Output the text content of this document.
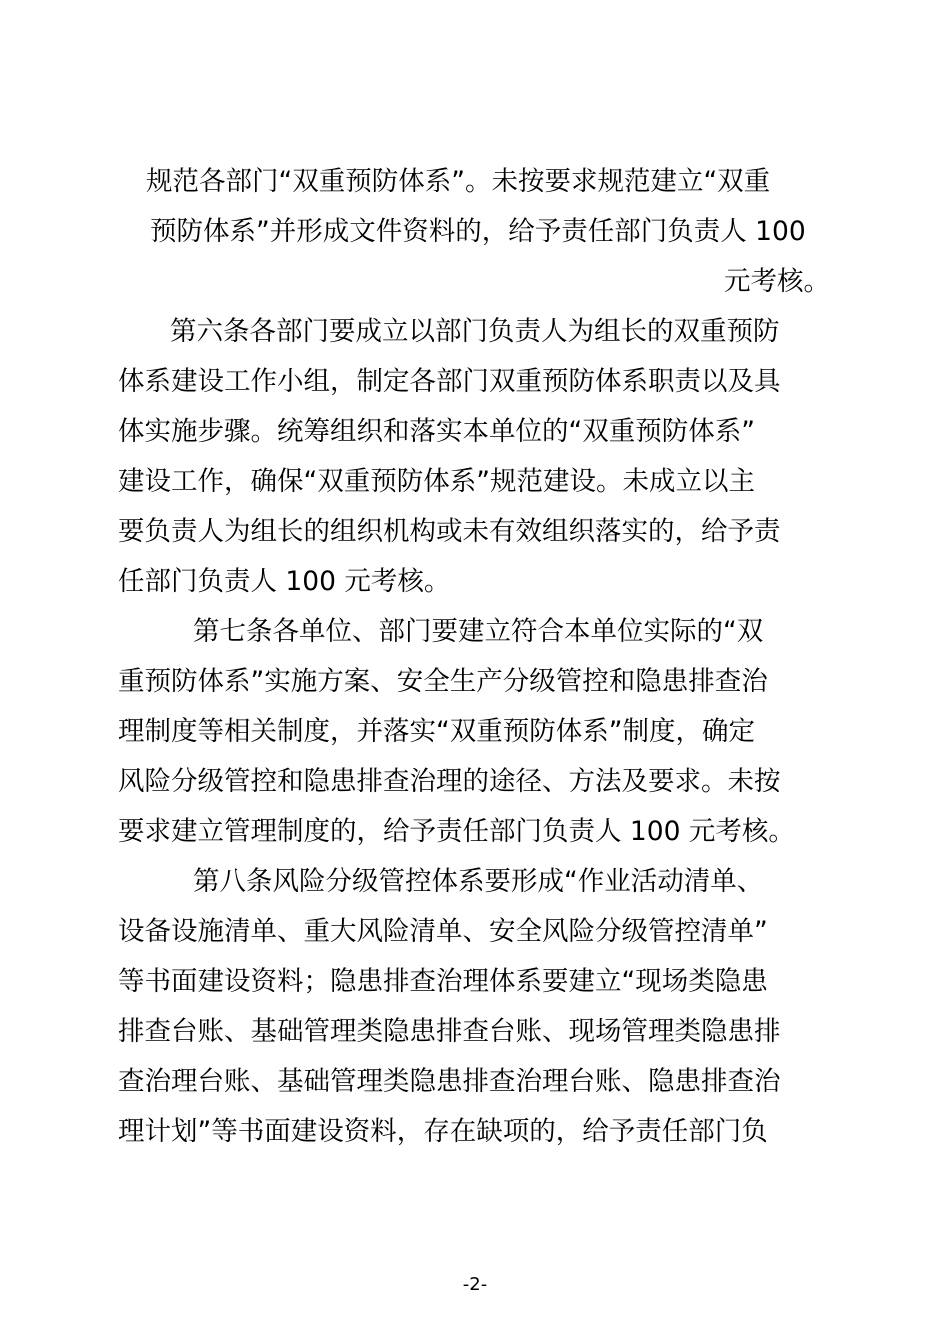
规范各部门“双重预防体系”。未按要求规范建立“双重
预防体系”并形成文件资料的，给予责任部门负责人 100
元考核。
第六条各部门要成立以部门负责人为组长的双重预防
体系建设工作小组，制定各部门双重预防体系职责以及具
体实施步骤。统筹组织和落实本单位的“双重预防体系”
建设工作，确保“双重预防体系”规范建设。未成立以主
要负责人为组长的组织机构或未有效组织落实的，给予责
任部门负责人 100 元考核。
第七条各单位、部门要建立符合本单位实际的“双
重预防体系”实施方案、安全生产分级管控和隐患排查治
理制度等相关制度，并落实“双重预防体系”制度，确定
风险分级管控和隐患排查治理的途径、方法及要求。未按
要求建立管理制度的，给予责任部门负责人 100 元考核。
第八条风险分级管控体系要形成“作业活动清单、
设备设施清单、重大风险清单、安全风险分级管控清单”
等书面建设资料；隐患排查治理体系要建立“现场类隐患
排查台账、基础管理类隐患排查台账、现场管理类隐患排
查治理台账、基础管理类隐患排查治理台账、隐患排查治
理计划”等书面建设资料，存在缺项的，给予责任部门负
-2-
